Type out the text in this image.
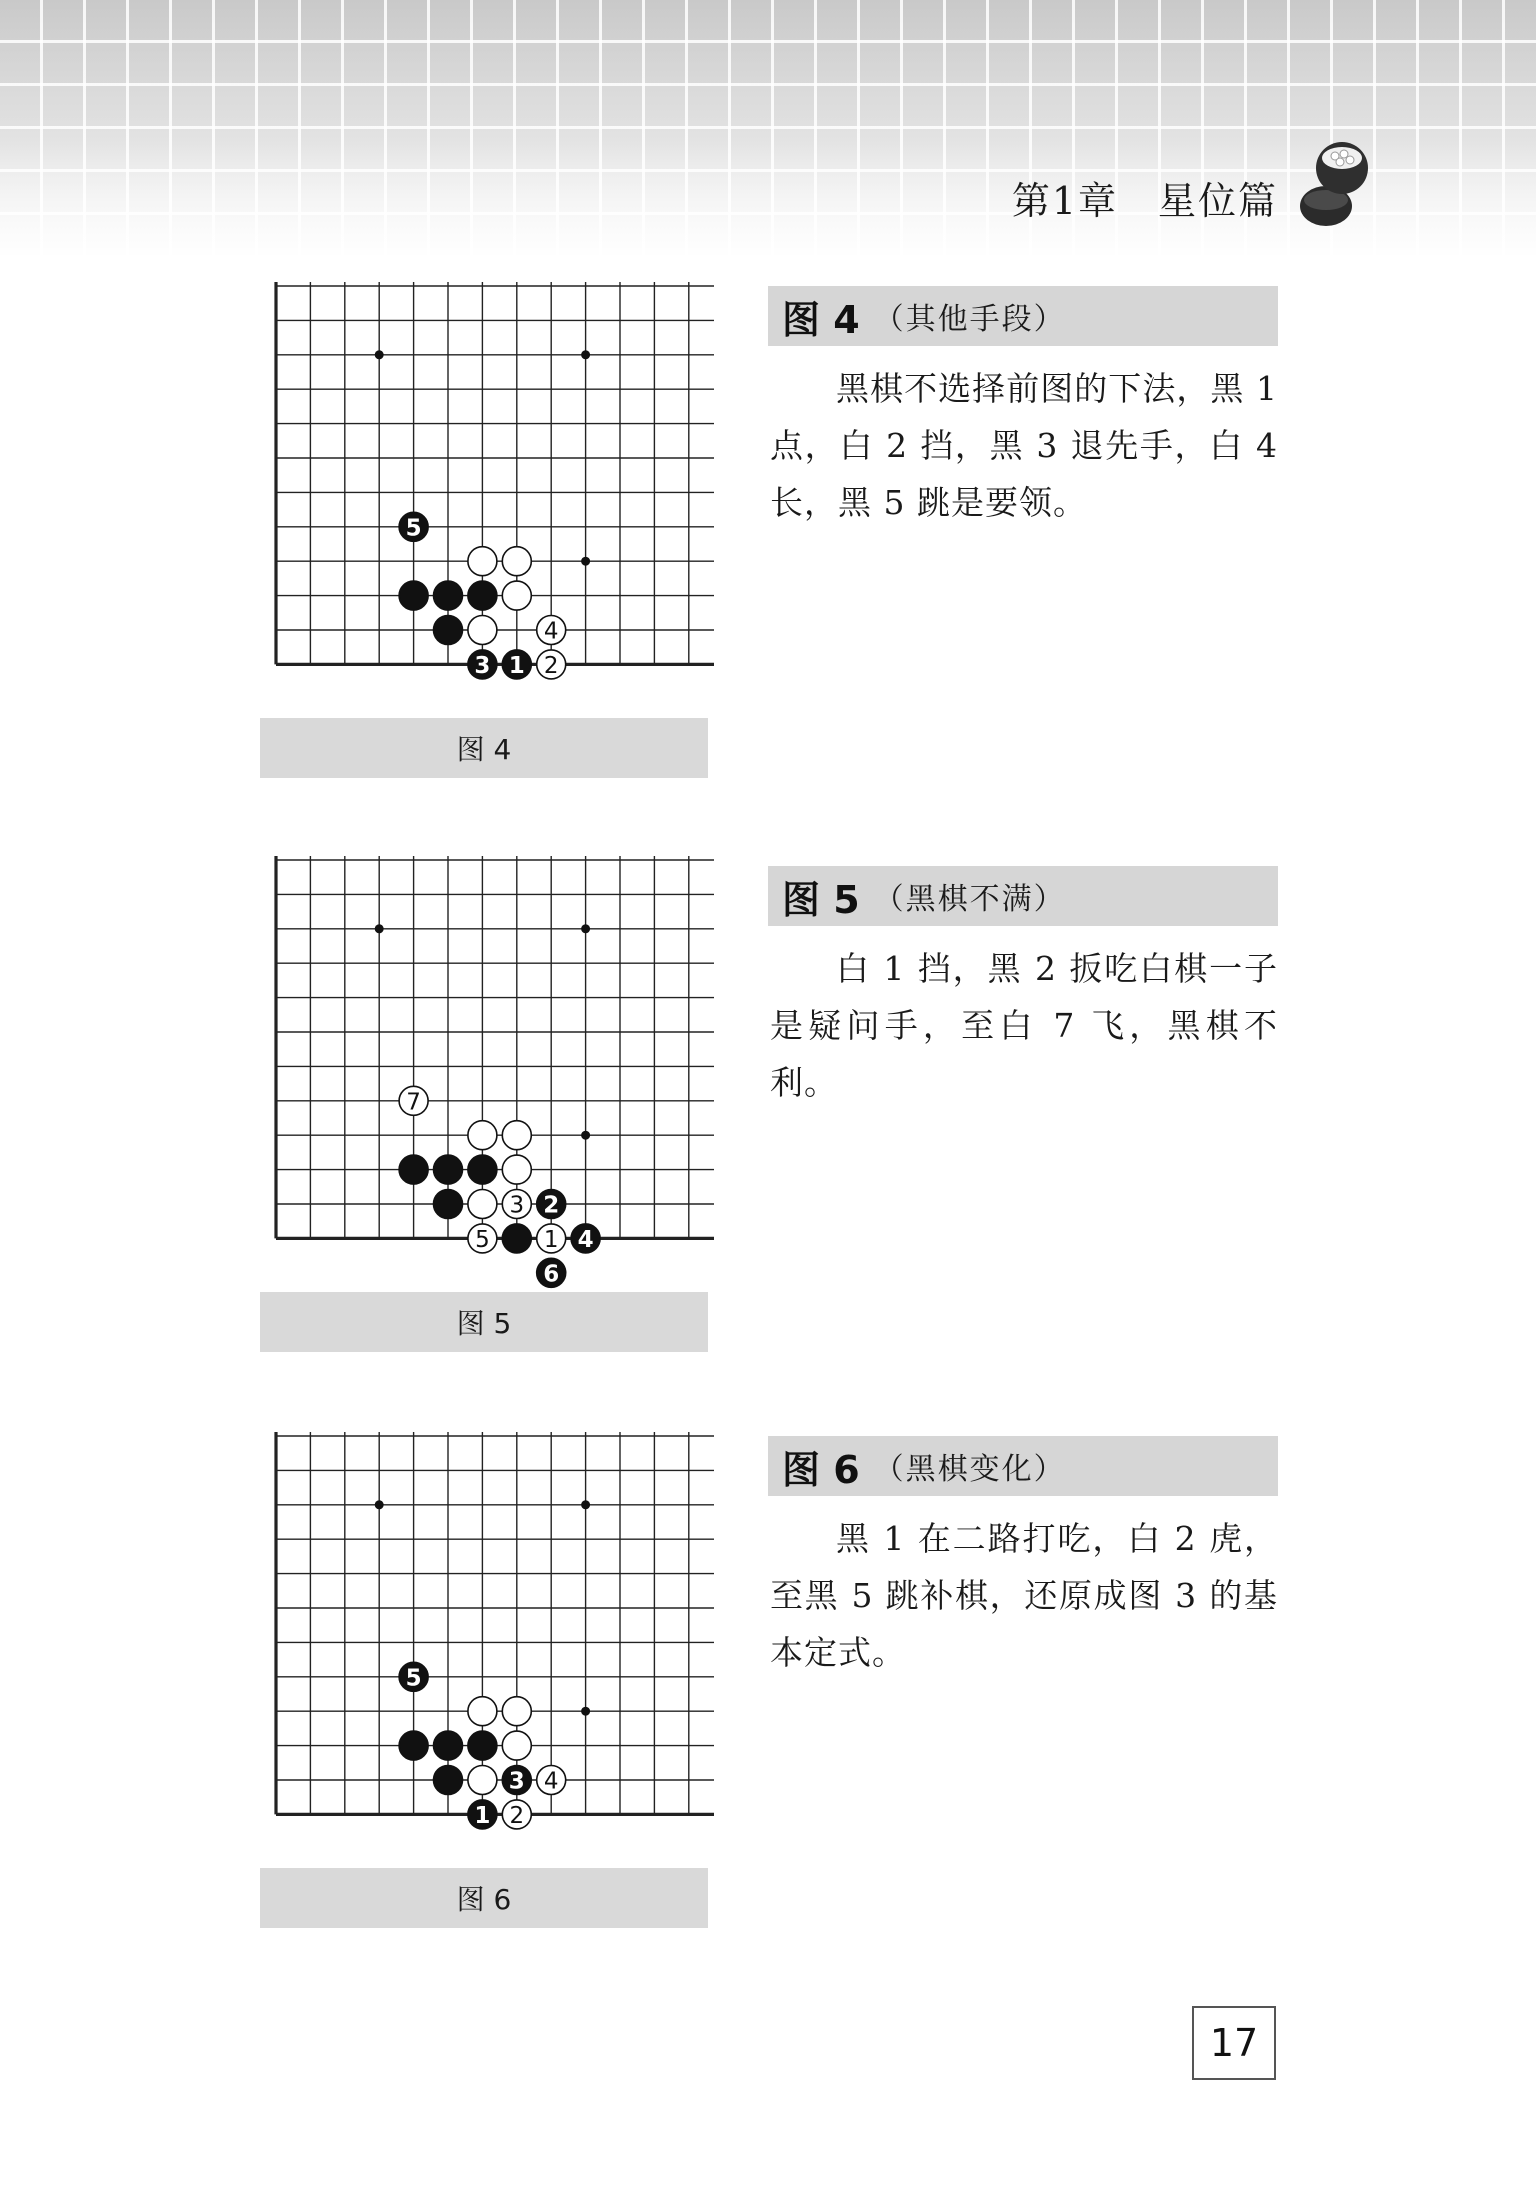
第1章　星位篇
1 2
3
4
5
图 4
图 4 （其他手段）
黑棋不选择前图的下法，黑 1 点，白 2 挡，黑 3 退先手，白 4 长，黑 5 跳是要领。
1
2
3
4
5
6
7
图 5
图 5 （黑棋不满）
白 1 挡，黑 2 扳吃白棋一子是疑问手，至白 7 飞，黑棋不利。
1 2
3 4
5
图 6
图 6 （黑棋变化）
黑 1 在二路打吃，白 2 虎，至黑 5 跳补棋，还原成图 3 的基本定式。
17
